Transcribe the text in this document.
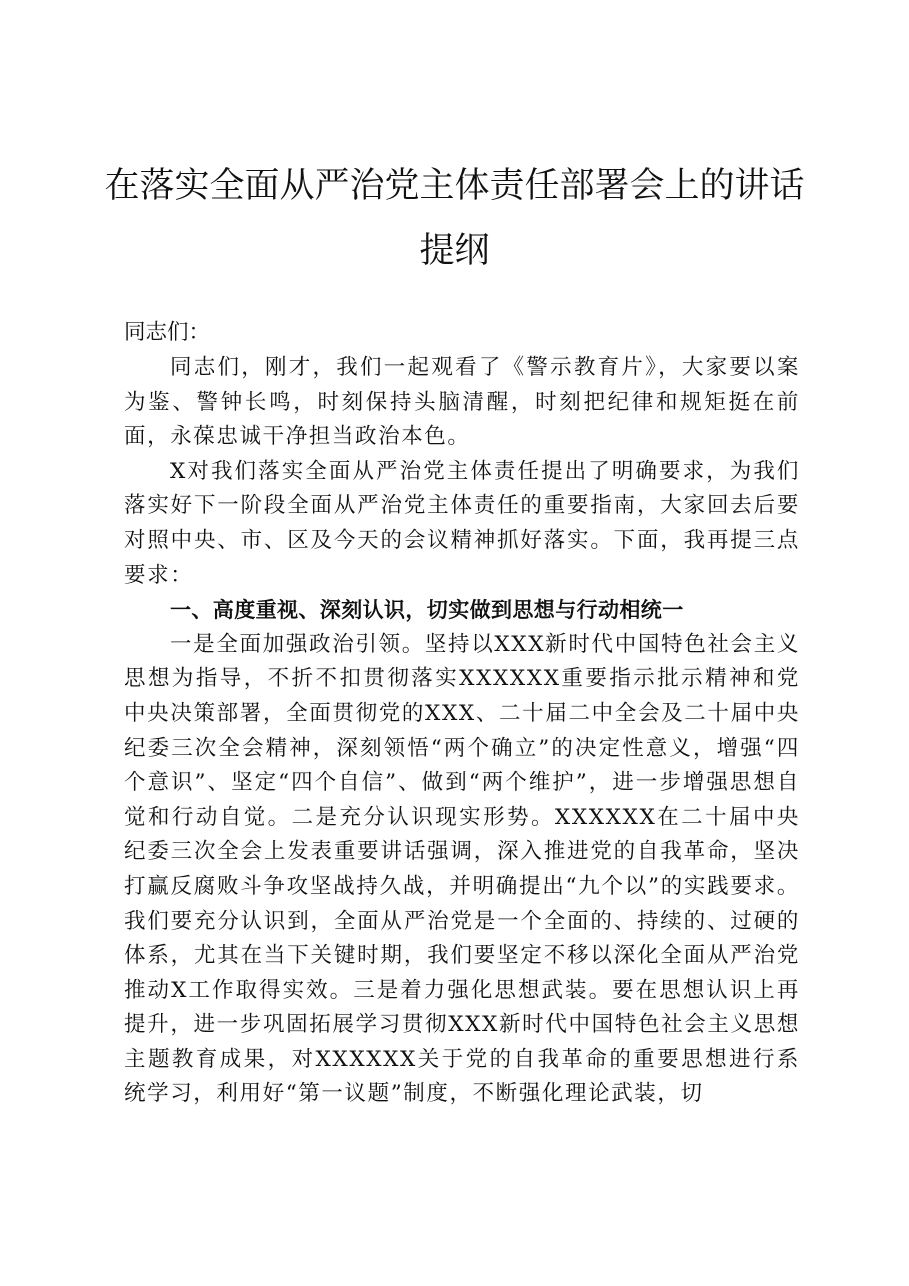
在落实全面从严治党主体责任部署会上的讲话
提纲
同志们：

同志们，刚才，我们一起观看了《警示教育片》，大家要以案为鉴、警钟长鸣，时刻保持头脑清醒，时刻把纪律和规矩挺在前面，永葆忠诚干净担当政治本色。

X对我们落实全面从严治党主体责任提出了明确要求，为我们落实好下一阶段全面从严治党主体责任的重要指南，大家回去后要对照中央、市、区及今天的会议精神抓好落实。下面，我再提三点要求：

一、高度重视、深刻认识，切实做到思想与行动相统一

一是全面加强政治引领。坚持以XXX新时代中国特色社会主义思想为指导，不折不扣贯彻落实XXXXXX重要指示批示精神和党中央决策部署，全面贯彻党的XXX、二十届二中全会及二十届中央纪委三次全会精神，深刻领悟“两个确立”的决定性意义，增强“四个意识”、坚定“四个自信”、做到“两个维护”，进一步增强思想自觉和行动自觉。二是充分认识现实形势。XXXXXX在二十届中央纪委三次全会上发表重要讲话强调，深入推进党的自我革命，坚决打赢反腐败斗争攻坚战持久战，并明确提出“九个以”的实践要求。我们要充分认识到，全面从严治党是一个全面的、持续的、过硬的体系，尤其在当下关键时期，我们要坚定不移以深化全面从严治党推动X工作取得实效。三是着力强化思想武装。要在思想认识上再提升，进一步巩固拓展学习贯彻XXX新时代中国特色社会主义思想主题教育成果，对XXXXXX关于党的自我革命的重要思想进行系统学习，利用好“第一议题”制度，不断强化理论武装，切
